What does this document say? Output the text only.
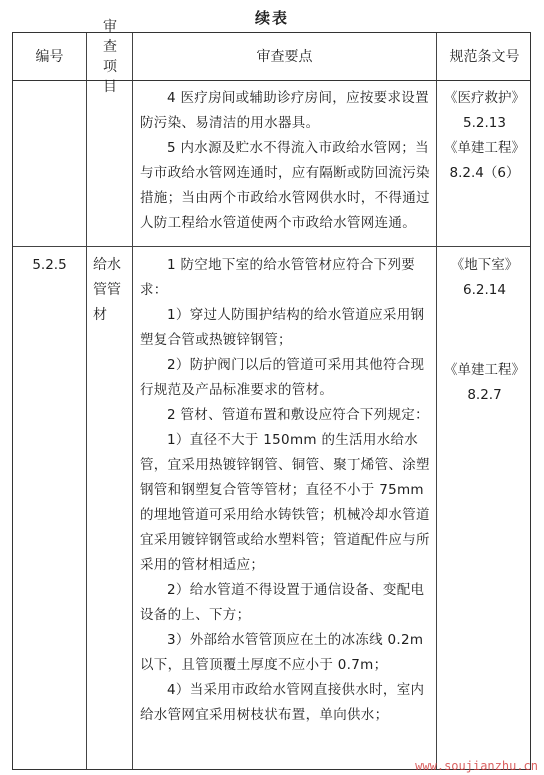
续表
编号
审查项目
审查要点	规范条文号

4 医疗房间或辅助诊疗房间，应按要求设置防污染、易清洁的用水器具。

5 内水源及贮水不得流入市政给水管网；当与市政给水管网连通时，应有隔断或防回流污染措施；当由两个市政给水管网供水时，不得通过人防工程给水管道使两个市政给水管网连通。

《医疗救护》

5.2.13

《单建工程》

8.2.4（6）

5.2.5	给水管管材

1 防空地下室的给水管管材应符合下列要求：

1）穿过人防围护结构的给水管道应采用钢塑复合管或热镀锌钢管；

2）防护阀门以后的管道可采用其他符合现行规范及产品标准要求的管材。

2 管材、管道布置和敷设应符合下列规定：

1）直径不大于 150mm 的生活用水给水管，宜采用热镀锌钢管、铜管、聚丁烯管、涂塑钢管和钢塑复合管等管材；直径不小于 75mm 的埋地管道可采用给水铸铁管；机械冷却水管道宜采用镀锌钢管或给水塑料管；管道配件应与所采用的管材相适应；

2）给水管道不得设置于通信设备、变配电设备的上、下方；

3）外部给水管管顶应在土的冰冻线 0.2m 以下，且管顶覆土厚度不应小于 0.7m；

4）当采用市政给水管网直接供水时，室内给水管网宜采用树枝状布置，单向供水；

《地下室》

6.2.14

《单建工程》

8.2.7

www.soujianzhu.cn
